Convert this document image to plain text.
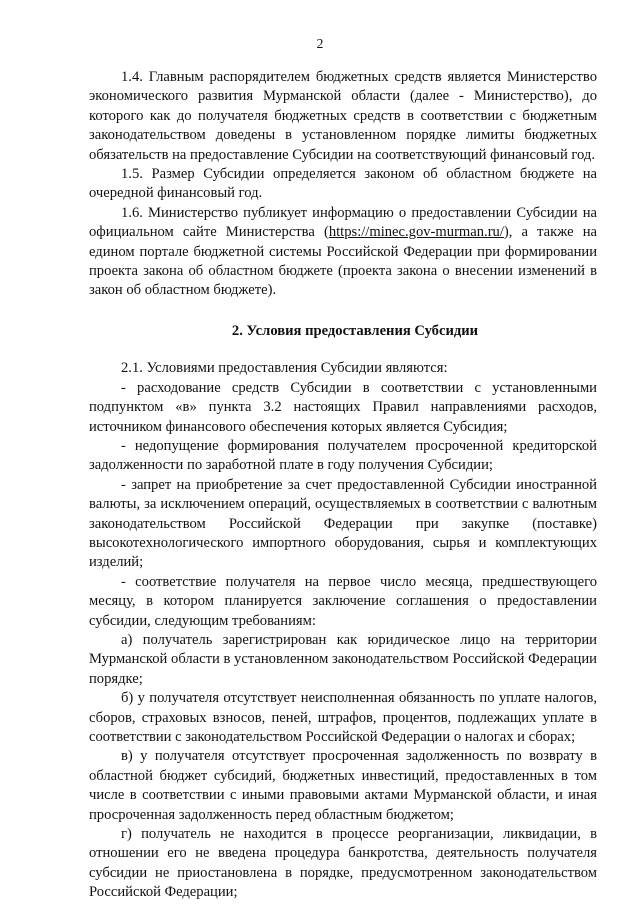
2

1.4. Главным распорядителем бюджетных средств является Министерство экономического развития Мурманской области (далее - Министерство), до которого как до получателя бюджетных средств в соответствии с бюджетным законодательством доведены в установленном порядке лимиты бюджетных обязательств на предоставление Субсидии на соответствующий финансовый год.

1.5. Размер Субсидии определяется законом об областном бюджете на очередной финансовый год.

1.6. Министерство публикует информацию о предоставлении Субсидии на официальном сайте Министерства (https://minec.gov-murman.ru/), а также на едином портале бюджетной системы Российской Федерации при формировании проекта закона об областном бюджете (проекта закона о внесении изменений в закон об областном бюджете).

2. Условия предоставления Субсидии

2.1. Условиями предоставления Субсидии являются:

- расходование средств Субсидии в соответствии с установленными подпунктом «в» пункта 3.2 настоящих Правил направлениями расходов, источником финансового обеспечения которых является Субсидия;

- недопущение формирования получателем просроченной кредиторской задолженности по заработной плате в году получения Субсидии;

- запрет на приобретение за счет предоставленной Субсидии иностранной валюты, за исключением операций, осуществляемых в соответствии с валютным законодательством Российской Федерации при закупке (поставке) высокотехнологического импортного оборудования, сырья и комплектующих изделий;

- соответствие получателя на первое число месяца, предшествующего месяцу, в котором планируется заключение соглашения о предоставлении субсидии, следующим требованиям:

а) получатель зарегистрирован как юридическое лицо на территории Мурманской области в установленном законодательством Российской Федерации порядке;

б) у получателя отсутствует неисполненная обязанность по уплате налогов, сборов, страховых взносов, пеней, штрафов, процентов, подлежащих уплате в соответствии с законодательством Российской Федерации о налогах и сборах;

в) у получателя отсутствует просроченная задолженность по возврату в областной бюджет субсидий, бюджетных инвестиций, предоставленных в том числе в соответствии с иными правовыми актами Мурманской области, и иная просроченная задолженность перед областным бюджетом;

г) получатель не находится в процессе реорганизации, ликвидации, в отношении его не введена процедура банкротства, деятельность получателя субсидии не приостановлена в порядке, предусмотренном законодательством Российской Федерации;
